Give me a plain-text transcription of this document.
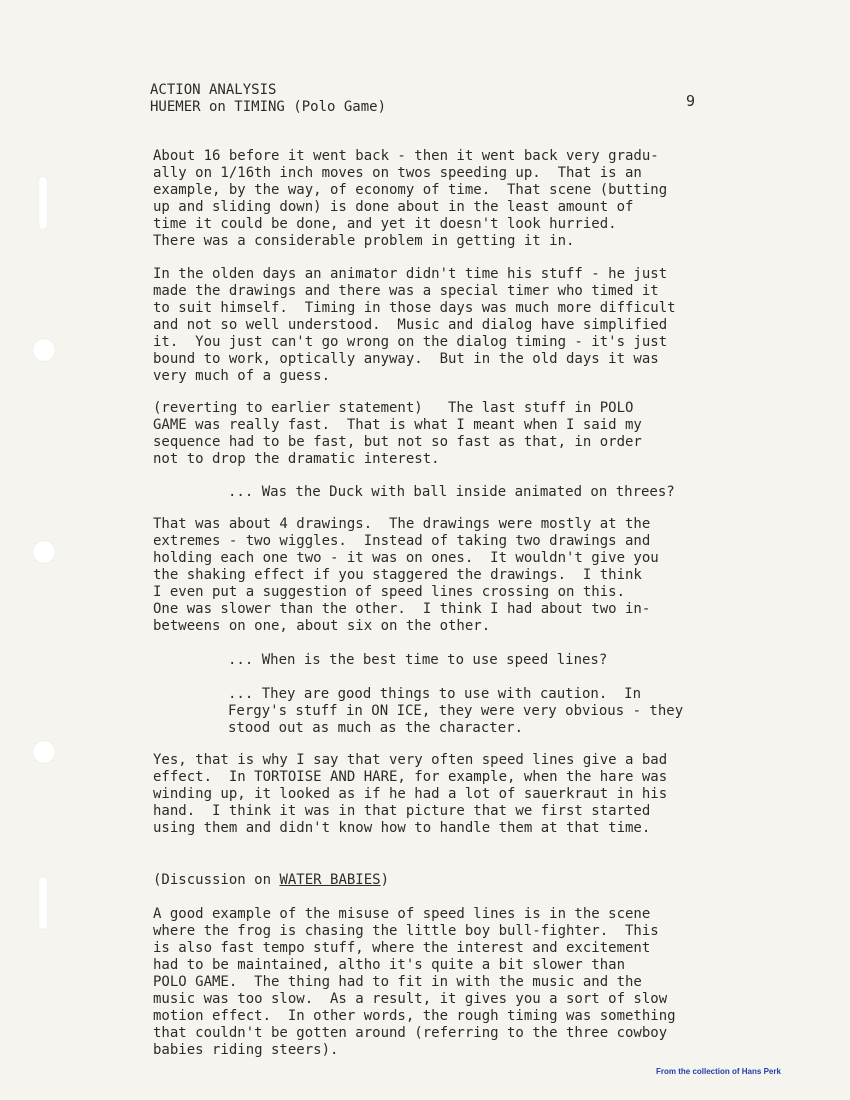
ACTION ANALYSIS
HUEMER on TIMING (Polo Game)	9

About 16 before it went back - then it went back very gradu-
ally on 1/16th inch moves on twos speeding up.  That is an
example, by the way, of economy of time.  That scene (butting
up and sliding down) is done about in the least amount of
time it could be done, and yet it doesn't look hurried.
There was a considerable problem in getting it in.

In the olden days an animator didn't time his stuff - he just
made the drawings and there was a special timer who timed it
to suit himself.  Timing in those days was much more difficult
and not so well understood.  Music and dialog have simplified
it.  You just can't go wrong on the dialog timing - it's just
bound to work, optically anyway.  But in the old days it was
very much of a guess.

(reverting to earlier statement)   The last stuff in POLO
GAME was really fast.  That is what I meant when I said my
sequence had to be fast, but not so fast as that, in order
not to drop the dramatic interest.

... Was the Duck with ball inside animated on threes?

That was about 4 drawings.  The drawings were mostly at the
extremes - two wiggles.  Instead of taking two drawings and
holding each one two - it was on ones.  It wouldn't give you
the shaking effect if you staggered the drawings.  I think
I even put a suggestion of speed lines crossing on this.
One was slower than the other.  I think I had about two in-
betweens on one, about six on the other.

... When is the best time to use speed lines?

... They are good things to use with caution.  In
Fergy's stuff in ON ICE, they were very obvious - they
stood out as much as the character.

Yes, that is why I say that very often speed lines give a bad
effect.  In TORTOISE AND HARE, for example, when the hare was
winding up, it looked as if he had a lot of sauerkraut in his
hand.  I think it was in that picture that we first started
using them and didn't know how to handle them at that time.

(Discussion on WATER BABIES)

A good example of the misuse of speed lines is in the scene
where the frog is chasing the little boy bull-fighter.  This
is also fast tempo stuff, where the interest and excitement
had to be maintained, altho it's quite a bit slower than
POLO GAME.  The thing had to fit in with the music and the
music was too slow.  As a result, it gives you a sort of slow
motion effect.  In other words, the rough timing was something
that couldn't be gotten around (referring to the three cowboy
babies riding steers).

From the collection of Hans Perk
